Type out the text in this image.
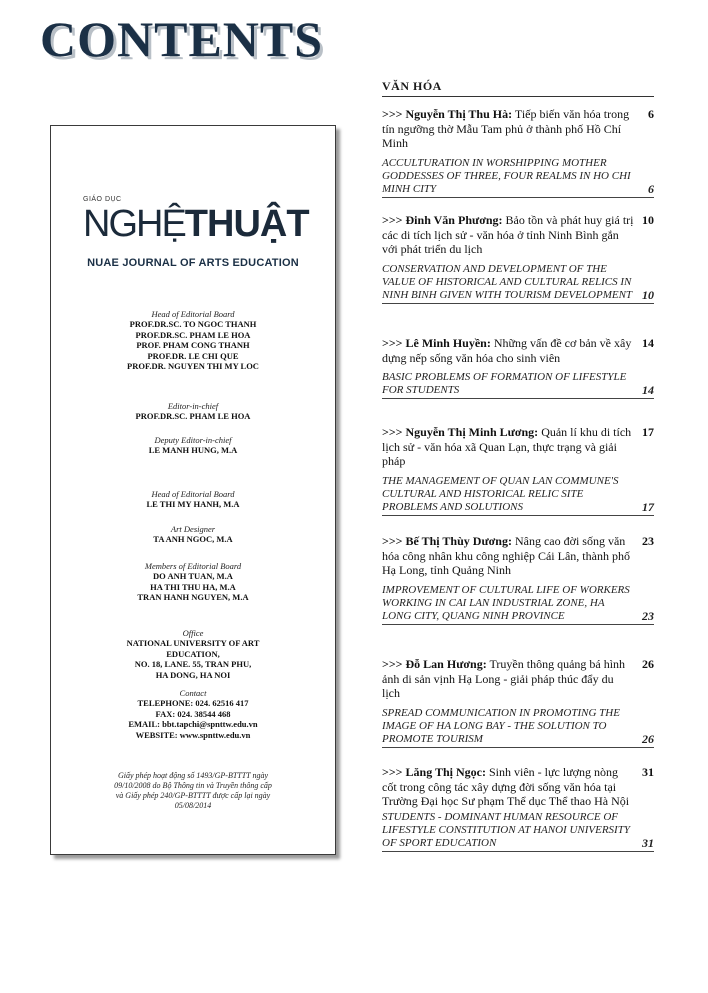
CONTENTS
GIÁO DỤC
NGHỆTHUẬT
NUAE JOURNAL OF ARTS EDUCATION
Head of Editorial Board
PROF.DR.SC. TO NGOC THANH
PROF.DR.SC. PHAM LE HOA
PROF. PHAM CONG THANH
PROF.DR. LE CHI QUE
PROF.DR. NGUYEN THI MY LOC
Editor-in-chief
PROF.DR.SC. PHAM LE HOA
Deputy Editor-in-chief
LE MANH HUNG, M.A
Head of Editorial Board
LE THI MY HANH, M.A
Art Designer
TA ANH NGOC, M.A
Members of Editorial Board
DO ANH TUAN, M.A
HA THI THU HA, M.A
TRAN HANH NGUYEN, M.A
Office
NATIONAL UNIVERSITY OF ART
EDUCATION,
NO. 18, LANE. 55, TRAN PHU,
HA DONG, HA NOI
Contact
TELEPHONE: 024. 62516 417
FAX: 024. 38544 468
EMAIL: bbt.tapchi@spnttw.edu.vn
WEBSITE: www.spnttw.edu.vn
Giấy phép hoạt động số 1493/GP-BTTTT ngày
09/10/2008 do Bộ Thông tin và Truyền thông cấp
và Giấy phép 240/GP-BTTTT được cấp lại ngày
05/08/2014
VĂN HÓA
>>> Nguyễn Thị Thu Hà: Tiếp biến văn hóa trong tín ngưỡng thờ Mẫu Tam phủ ở thành phố Hồ Chí Minh
6
ACCULTURATION IN WORSHIPPING MOTHER GODDESSES OF THREE, FOUR REALMS IN HO CHI MINH CITY	6
>>> Đinh Văn Phương: Bảo tồn và phát huy giá trị các di tích lịch sử - văn hóa ở tỉnh Ninh Bình gắn với phát triển du lịch
10
CONSERVATION AND DEVELOPMENT OF THE VALUE OF HISTORICAL AND CULTURAL RELICS IN NINH BINH GIVEN WITH TOURISM DEVELOPMENT 10
>>> Lê Minh Huyền: Những vấn đề cơ bản về xây dựng nếp sống văn hóa cho sinh viên
14
BASIC PROBLEMS OF FORMATION OF LIFESTYLE FOR STUDENTS	14
>>> Nguyễn Thị Minh Lương: Quản lí khu di tích lịch sử - văn hóa xã Quan Lạn, thực trạng và giải pháp
17
THE MANAGEMENT OF QUAN LAN COMMUNE'S CULTURAL AND HISTORICAL RELIC SITE PROBLEMS AND SOLUTIONS	17
>>> Bế Thị Thùy Dương: Nâng cao đời sống văn hóa công nhân khu công nghiệp Cái Lân, thành phố Hạ Long, tỉnh Quảng Ninh
23
IMPROVEMENT OF CULTURAL LIFE OF WORKERS WORKING IN CAI LAN INDUSTRIAL ZONE, HA LONG CITY, QUANG NINH PROVINCE	23
>>> Đỗ Lan Hương: Truyền thông quảng bá hình ảnh di sản vịnh Hạ Long - giải pháp thúc đẩy du lịch
26
SPREAD COMMUNICATION IN PROMOTING THE IMAGE OF HA LONG BAY - THE SOLUTION TO PROMOTE TOURISM	26
>>> Lăng Thị Ngọc: Sinh viên - lực lượng nòng cốt trong công tác xây dựng đời sống văn hóa tại Trường Đại học Sư phạm Thể dục Thể thao Hà Nội
31
STUDENTS - DOMINANT HUMAN RESOURCE OF LIFESTYLE CONSTITUTION AT HANOI UNIVERSITY OF SPORT EDUCATION	31
